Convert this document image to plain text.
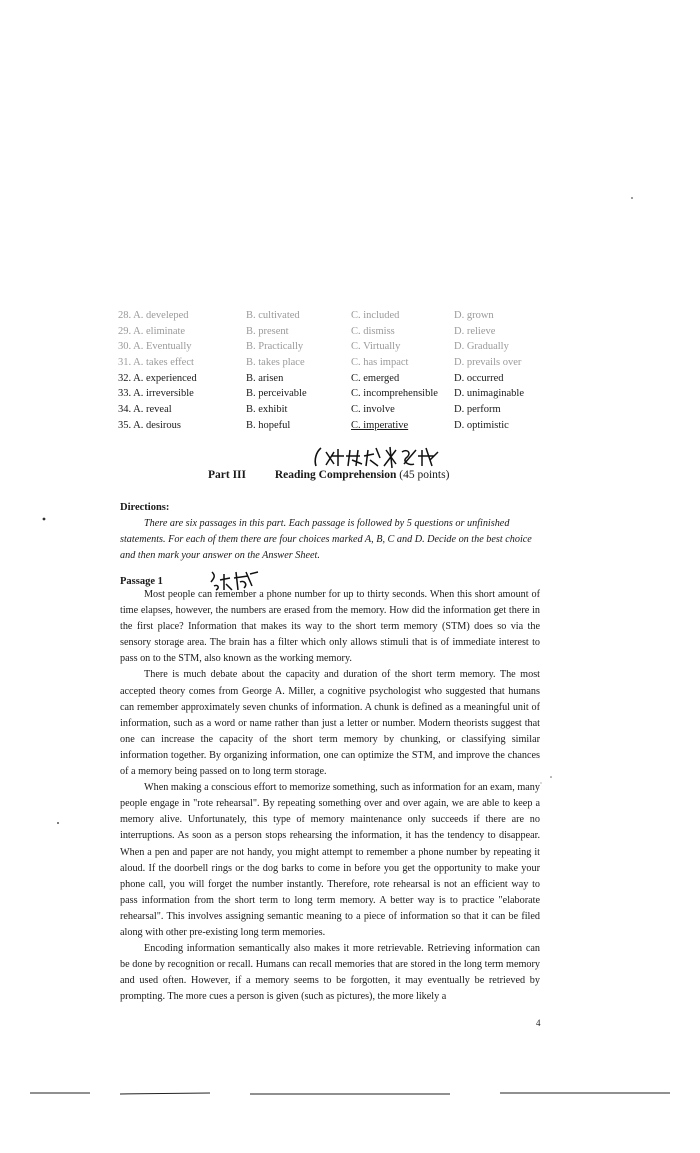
28. A. develeped	B. cultivated	C. included	D. grown
29. A. eliminate	B. present	C. dismiss	D. relieve
30. A. Eventually	B. Practically	C. Virtually	D. Gradually
31. A. takes effect	B. takes place	C. has impact	D. prevails over
32. A. experienced	B. arisen	C. emerged	D. occurred
33. A. irreversible	B. perceivable	C. incomprehensible D. unimaginable
34. A. reveal	B. exhibit	C. involve	D. perform
35. A. desirous	B. hopeful	C. imperative	D. optimistic
Part III	Reading Comprehension (45 points)
Directions:
There are six passages in this part. Each passage is followed by 5 questions or unfinished statements. For each of them there are four choices marked A, B, C and D. Decide on the best choice and then mark your answer on the Answer Sheet.
Passage 1

Most people can remember a phone number for up to thirty seconds. When this short amount of time elapses, however, the numbers are erased from the memory. How did the information get there in the first place? Information that makes its way to the short term memory (STM) does so via the sensory storage area. The brain has a filter which only allows stimuli that is of immediate interest to pass on to the STM, also known as the working memory.

There is much debate about the capacity and duration of the short term memory. The most accepted theory comes from George A. Miller, a cognitive psychologist who suggested that humans can remember approximately seven chunks of information. A chunk is defined as a meaningful unit of information, such as a word or name rather than just a letter or number. Modern theorists suggest that one can increase the capacity of the short term memory by chunking, or classifying similar information together. By organizing information, one can optimize the STM, and improve the chances of a memory being passed on to long term storage.

When making a conscious effort to memorize something, such as information for an exam, many people engage in "rote rehearsal". By repeating something over and over again, we are able to keep a memory alive. Unfortunately, this type of memory maintenance only succeeds if there are no interruptions. As soon as a person stops rehearsing the information, it has the tendency to disappear. When a pen and paper are not handy, you might attempt to remember a phone number by repeating it aloud. If the doorbell rings or the dog barks to come in before you get the opportunity to make your phone call, you will forget the number instantly. Therefore, rote rehearsal is not an efficient way to pass information from the short term to long term memory. A better way is to practice "elaborate rehearsal". This involves assigning semantic meaning to a piece of information so that it can be filed along with other pre-existing long term memories.

Encoding information semantically also makes it more retrievable. Retrieving information can be done by recognition or recall. Humans can recall memories that are stored in the long term memory and used often. However, if a memory seems to be forgotten, it may eventually be retrieved by prompting. The more cues a person is given (such as pictures), the more likely a

4
